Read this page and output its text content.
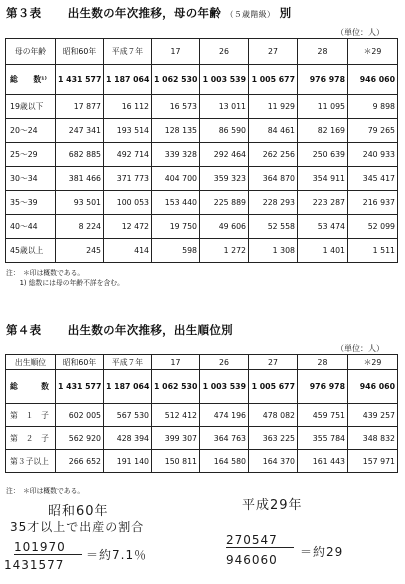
第３表 出生数の年次推移，母の年齢 （５歳階級） 別
（単位：人）
母の年齢	昭和60年	平成７年	17	26	27	28	＊29
総　　数¹⁾	1 431 577	1 187 064	1 062 530	1 003 539	1 005 677	976 978	946 060
19歳以下	17 877	16 112	16 573	13 011	11 929	11 095	9 898
20〜24	247 341	193 514	128 135	86 590	84 461	82 169	79 265
25〜29	682 885	492 714	339 328	292 464	262 256	250 639	240 933
30〜34	381 466	371 773	404 700	359 323	364 870	354 911	345 417
35〜39	93 501	100 053	153 440	225 889	228 293	223 287	216 937
40〜44	8 224	12 472	19 750	49 606	52 558	53 474	52 099
45歳以上	245	414	598	1 272	1 308	1 401	1 511
注：　＊印は概数である。
　　1) 総数には母の年齢不詳を含む。
第４表 出生数の年次推移，出生順位別
（単位：人）
出生順位	昭和60年	平成７年	17	26	27	28	＊29
総　　　数	1 431 577	1 187 064	1 062 530	1 003 539	1 005 677	976 978	946 060
第　１　子	602 005	567 530	512 412	474 196	478 082	459 751	439 257
第　２　子	562 920	428 394	399 307	364 763	363 225	355 784	348 832
第３子以上	266 652	191 140	150 811	164 580	164 370	161 443	157 971
注：　＊印は概数である。
昭和60年
35才以上で出産の割合
101970
1431577
＝約7.1％
平成29年
270547
946060
＝約29
